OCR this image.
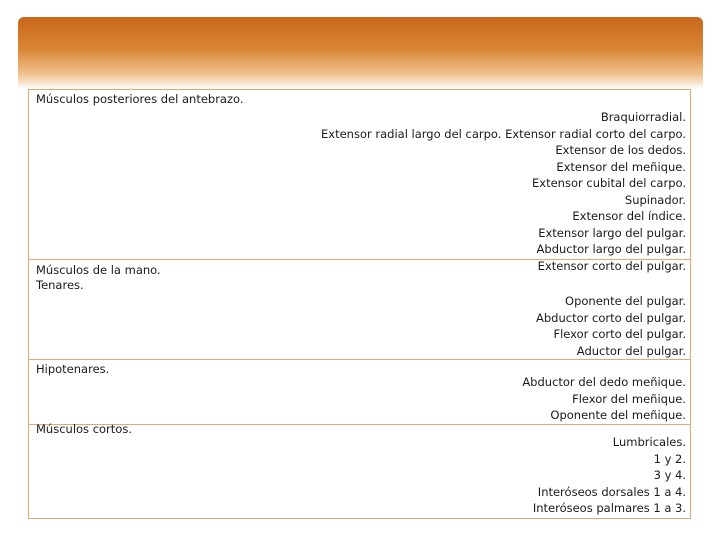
Músculos posteriores del antebrazo.
Braquiorradial.
Extensor radial largo del carpo. Extensor radial corto del carpo.
Extensor de los dedos.
Extensor del meñique.
Extensor cubital del carpo.
Supinador.
Extensor del índice.
Extensor largo del pulgar.
Abductor largo del pulgar.
Extensor corto del pulgar.
Músculos de la mano.
Tenares.
Oponente del pulgar.
Abductor corto del pulgar.
Flexor corto del pulgar.
Aductor del pulgar.
Hipotenares.
Abductor del dedo meñique.
Flexor del meñique.
Oponente del meñique.
Músculos cortos.
Lumbricales.
1 y 2.
3 y 4.
Interóseos dorsales 1 a 4.
Interóseos palmares 1 a 3.
